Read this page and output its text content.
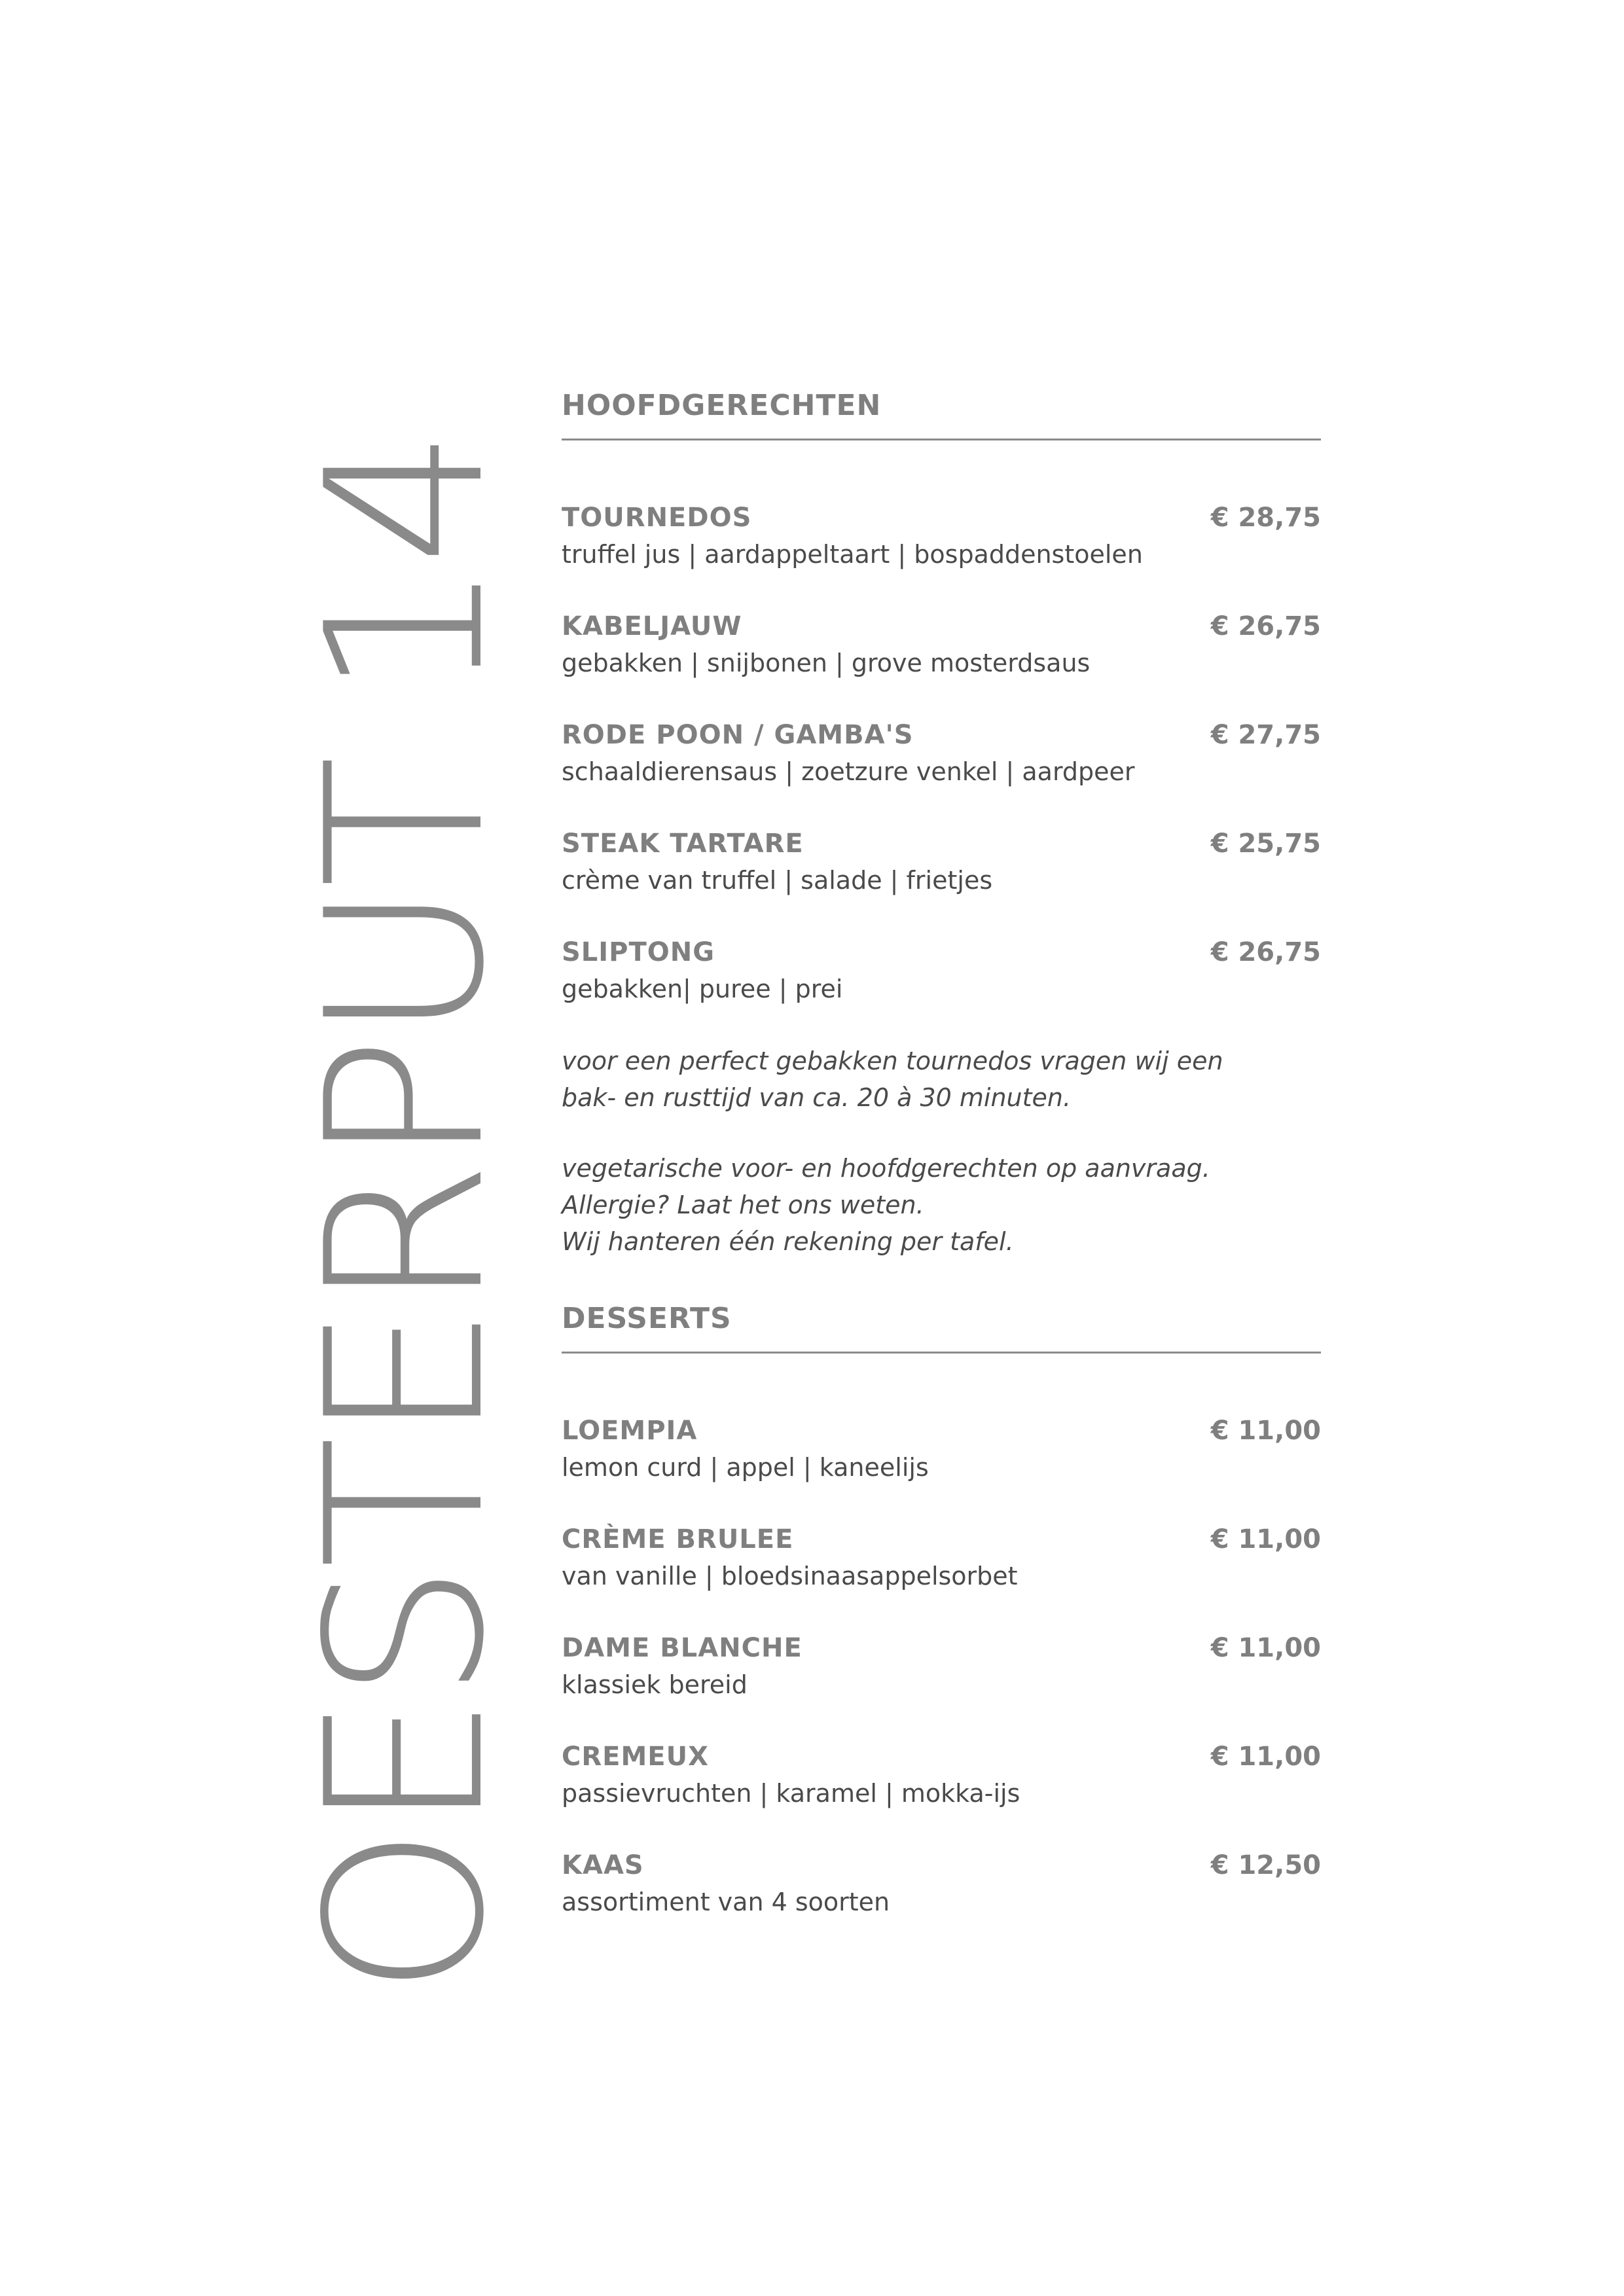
OESTERPUT 14
HOOFDGERECHTEN
TOURNEDOS	€ 28,75
truffel jus | aardappeltaart | bospaddenstoelen
KABELJAUW	€ 26,75
gebakken | snijbonen | grove mosterdsaus
RODE POON / GAMBA'S	€ 27,75
schaaldierensaus | zoetzure venkel | aardpeer
STEAK TARTARE	€ 25,75
crème van truffel | salade | frietjes
SLIPTONG	€ 26,75
gebakken| puree | prei

voor een perfect gebakken tournedos vragen wij een
bak- en rusttijd van ca. 20 à 30 minuten.

vegetarische voor- en hoofdgerechten op aanvraag.
Allergie? Laat het ons weten.
Wij hanteren één rekening per tafel.

DESSERTS
LOEMPIA	€ 11,00
lemon curd | appel | kaneelijs
CRÈME BRULEE	€ 11,00
van vanille | bloedsinaasappelsorbet
DAME BLANCHE	€ 11,00
klassiek bereid
CREMEUX	€ 11,00
passievruchten | karamel | mokka-ijs
KAAS	€ 12,50
assortiment van 4 soorten
